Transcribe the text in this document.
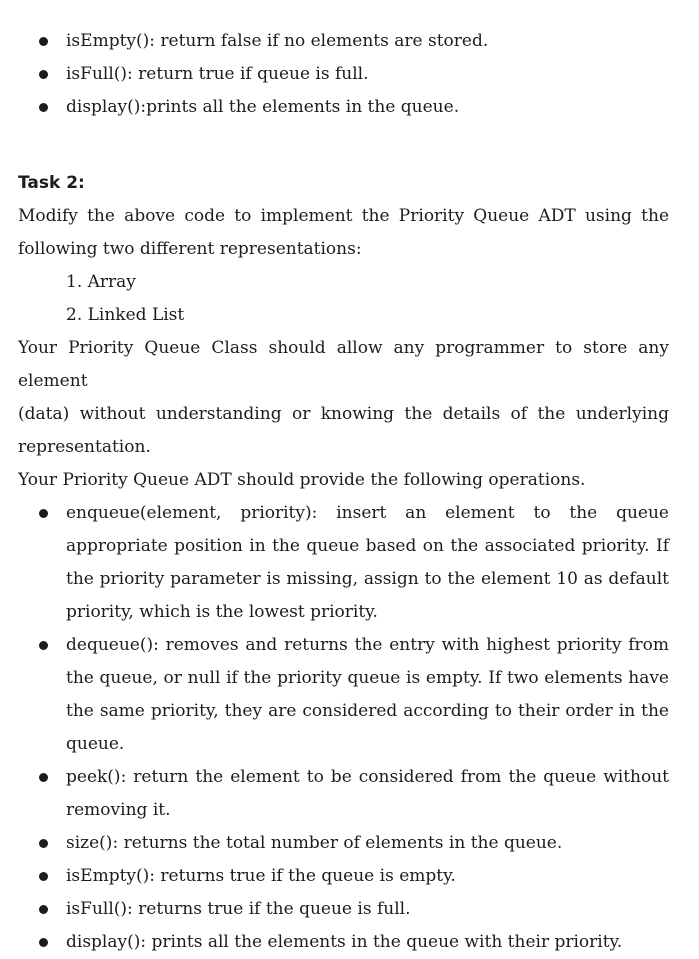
isEmpty(): return false if no elements are stored.
isFull(): return true if queue is full.
display():prints all the elements in the queue.
Task 2:
Modify the above code to implement the Priority Queue ADT using the
following two different representations:
1. Array
2. Linked List
Your Priority Queue Class should allow any programmer to store any element
(data) without understanding or knowing the details of the underlying
representation.
Your Priority Queue ADT should provide the following operations.
enqueue(element, priority): insert an element to the queue appropriate position in the queue based on the associated priority. If the priority parameter is missing, assign to the element 10 as default priority, which is the lowest priority.
dequeue(): removes and returns the entry with highest priority from the queue, or null if the priority queue is empty. If two elements have the same priority, they are considered according to their order in the queue.
peek(): return the element to be considered from the queue without removing it.
size(): returns the total number of elements in the queue.
isEmpty(): returns true if the queue is empty.
isFull(): returns true if the queue is full.
display(): prints all the elements in the queue with their priority.
